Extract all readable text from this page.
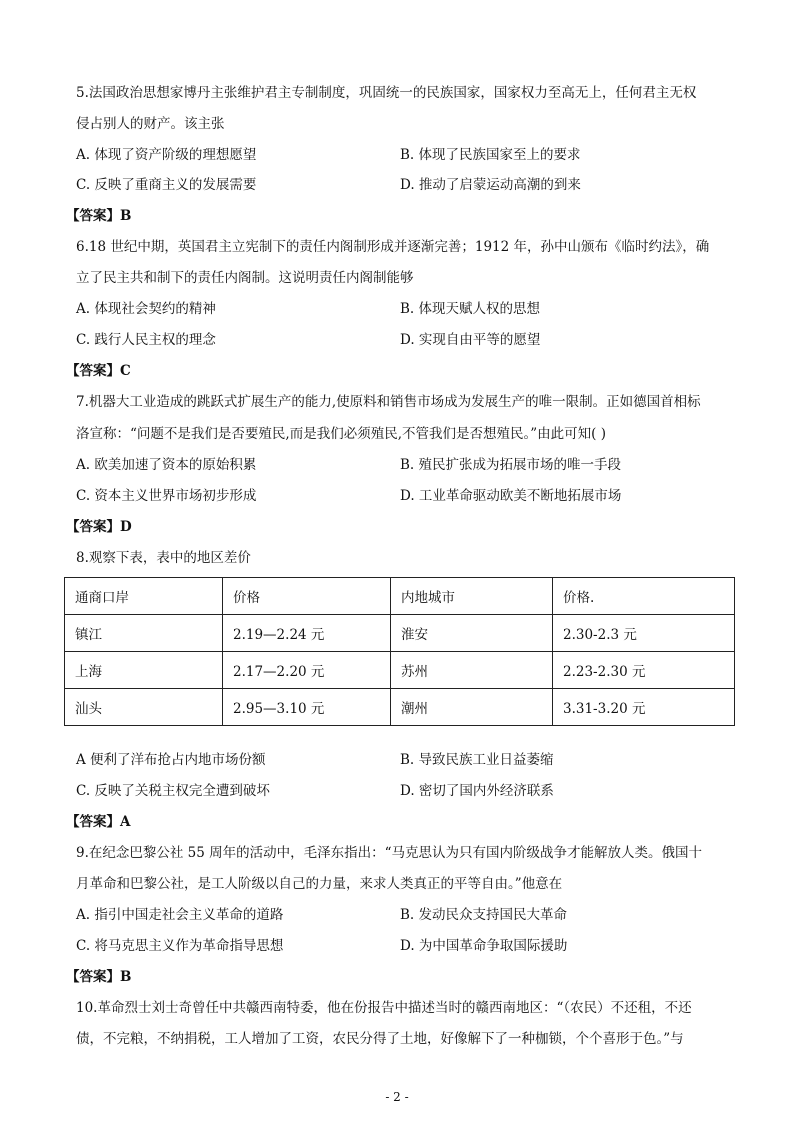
5.法国政治思想家博丹主张维护君主专制制度，巩固统一的民族国家，国家权力至高无上，任何君主无权
侵占别人的财产。该主张
A. 体现了资产阶级的理想愿望	B. 体现了民族国家至上的要求
C. 反映了重商主义的发展需要	D. 推动了启蒙运动高潮的到来
【答案】B
6.18 世纪中期，英国君主立宪制下的责任内阁制形成并逐渐完善；1912 年，孙中山颁布《临时约法》，确
立了民主共和制下的责任内阁制。这说明责任内阁制能够
A. 体现社会契约的精神	B. 体现天赋人权的思想
C. 践行人民主权的理念	D. 实现自由平等的愿望
【答案】C
7.机器大工业造成的跳跃式扩展生产的能力,使原料和销售市场成为发展生产的唯一限制。正如德国首相标
洛宣称：“问题不是我们是否要殖民,而是我们必须殖民,不管我们是否想殖民。”由此可知( )
A. 欧美加速了资本的原始积累	B. 殖民扩张成为拓展市场的唯一手段
C. 资本主义世界市场初步形成	D. 工业革命驱动欧美不断地拓展市场
【答案】D
8.观察下表，表中的地区差价
通商口岸	价格	内地城市	价格.
镇江	2.19—2.24 元	淮安	2.30-2.3 元
上海	2.17—2.20 元	苏州	2.23-2.30 元
汕头	2.95—3.10 元	潮州	3.31-3.20 元
A 便利了洋布抢占内地市场份额	B. 导致民族工业日益萎缩
C. 反映了关税主权完全遭到破坏	D. 密切了国内外经济联系
【答案】A
9.在纪念巴黎公社 55 周年的活动中，毛泽东指出：“马克思认为只有国内阶级战争才能解放人类。俄国十
月革命和巴黎公社，是工人阶级以自己的力量，来求人类真正的平等自由。”他意在
A. 指引中国走社会主义革命的道路	B. 发动民众支持国民大革命
C. 将马克思主义作为革命指导思想	D. 为中国革命争取国际援助
【答案】B
10.革命烈士刘士奇曾任中共赣西南特委，他在份报告中描述当时的赣西南地区：“（农民）不还租，不还
债，不完粮，不纳捐税，工人增加了工资，农民分得了土地，好像解下了一种枷锁，个个喜形于色。”与
- 2 -
